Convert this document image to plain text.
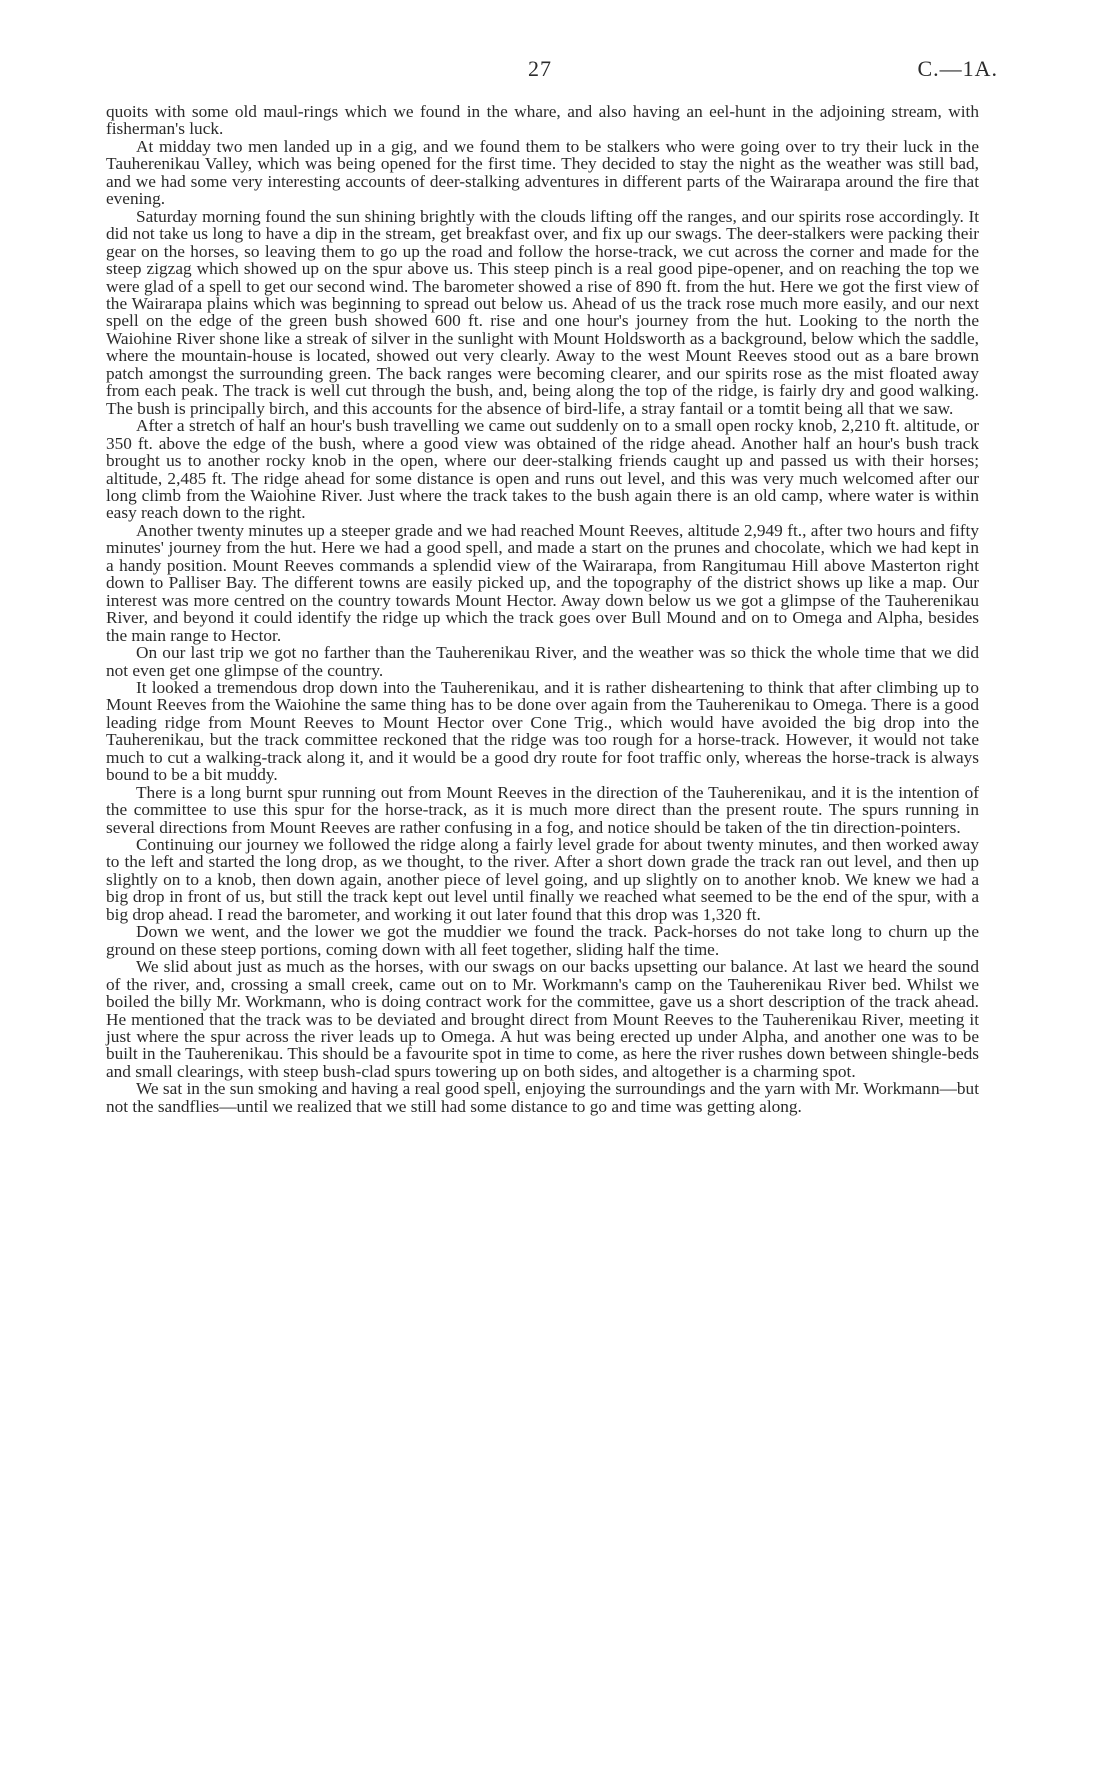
27	C.—1A.

quoits with some old maul-rings which we found in the whare, and also having an eel-hunt in the adjoining stream, with fisherman's luck.

At midday two men landed up in a gig, and we found them to be stalkers who were going over to try their luck in the Tauherenikau Valley, which was being opened for the first time. They decided to stay the night as the weather was still bad, and we had some very interesting accounts of deer-stalking adventures in different parts of the Wairarapa around the fire that evening.

Saturday morning found the sun shining brightly with the clouds lifting off the ranges, and our spirits rose accordingly. It did not take us long to have a dip in the stream, get breakfast over, and fix up our swags. The deer-stalkers were packing their gear on the horses, so leaving them to go up the road and follow the horse-track, we cut across the corner and made for the steep zigzag which showed up on the spur above us. This steep pinch is a real good pipe-opener, and on reaching the top we were glad of a spell to get our second wind. The barometer showed a rise of 890 ft. from the hut. Here we got the first view of the Wairarapa plains which was beginning to spread out below us. Ahead of us the track rose much more easily, and our next spell on the edge of the green bush showed 600 ft. rise and one hour's journey from the hut. Looking to the north the Waiohine River shone like a streak of silver in the sunlight with Mount Holdsworth as a background, below which the saddle, where the mountain-house is located, showed out very clearly. Away to the west Mount Reeves stood out as a bare brown patch amongst the surrounding green. The back ranges were becoming clearer, and our spirits rose as the mist floated away from each peak. The track is well cut through the bush, and, being along the top of the ridge, is fairly dry and good walking. The bush is principally birch, and this accounts for the absence of bird-life, a stray fantail or a tomtit being all that we saw.

After a stretch of half an hour's bush travelling we came out suddenly on to a small open rocky knob, 2,210 ft. altitude, or 350 ft. above the edge of the bush, where a good view was obtained of the ridge ahead. Another half an hour's bush track brought us to another rocky knob in the open, where our deer-stalking friends caught up and passed us with their horses; altitude, 2,485 ft. The ridge ahead for some distance is open and runs out level, and this was very much welcomed after our long climb from the Waiohine River. Just where the track takes to the bush again there is an old camp, where water is within easy reach down to the right.

Another twenty minutes up a steeper grade and we had reached Mount Reeves, altitude 2,949 ft., after two hours and fifty minutes' journey from the hut. Here we had a good spell, and made a start on the prunes and chocolate, which we had kept in a handy position. Mount Reeves commands a splendid view of the Wairarapa, from Rangitumau Hill above Masterton right down to Palliser Bay. The different towns are easily picked up, and the topography of the district shows up like a map. Our interest was more centred on the country towards Mount Hector. Away down below us we got a glimpse of the Tauherenikau River, and beyond it could identify the ridge up which the track goes over Bull Mound and on to Omega and Alpha, besides the main range to Hector.

On our last trip we got no farther than the Tauherenikau River, and the weather was so thick the whole time that we did not even get one glimpse of the country.

It looked a tremendous drop down into the Tauherenikau, and it is rather disheartening to think that after climbing up to Mount Reeves from the Waiohine the same thing has to be done over again from the Tauherenikau to Omega. There is a good leading ridge from Mount Reeves to Mount Hector over Cone Trig., which would have avoided the big drop into the Tauherenikau, but the track committee reckoned that the ridge was too rough for a horse-track. However, it would not take much to cut a walking-track along it, and it would be a good dry route for foot traffic only, whereas the horse-track is always bound to be a bit muddy.

There is a long burnt spur running out from Mount Reeves in the direction of the Tauherenikau, and it is the intention of the committee to use this spur for the horse-track, as it is much more direct than the present route. The spurs running in several directions from Mount Reeves are rather confusing in a fog, and notice should be taken of the tin direction-pointers.

Continuing our journey we followed the ridge along a fairly level grade for about twenty minutes, and then worked away to the left and started the long drop, as we thought, to the river. After a short down grade the track ran out level, and then up slightly on to a knob, then down again, another piece of level going, and up slightly on to another knob. We knew we had a big drop in front of us, but still the track kept out level until finally we reached what seemed to be the end of the spur, with a big drop ahead. I read the barometer, and working it out later found that this drop was 1,320 ft.

Down we went, and the lower we got the muddier we found the track. Pack-horses do not take long to churn up the ground on these steep portions, coming down with all feet together, sliding half the time.

We slid about just as much as the horses, with our swags on our backs upsetting our balance. At last we heard the sound of the river, and, crossing a small creek, came out on to Mr. Workmann's camp on the Tauherenikau River bed. Whilst we boiled the billy Mr. Workmann, who is doing contract work for the committee, gave us a short description of the track ahead. He mentioned that the track was to be deviated and brought direct from Mount Reeves to the Tauherenikau River, meeting it just where the spur across the river leads up to Omega. A hut was being erected up under Alpha, and another one was to be built in the Tauherenikau. This should be a favourite spot in time to come, as here the river rushes down between shingle-beds and small clearings, with steep bush-clad spurs towering up on both sides, and altogether is a charming spot.

We sat in the sun smoking and having a real good spell, enjoying the surroundings and the yarn with Mr. Workmann—but not the sandflies—until we realized that we still had some distance to go and time was getting along.
